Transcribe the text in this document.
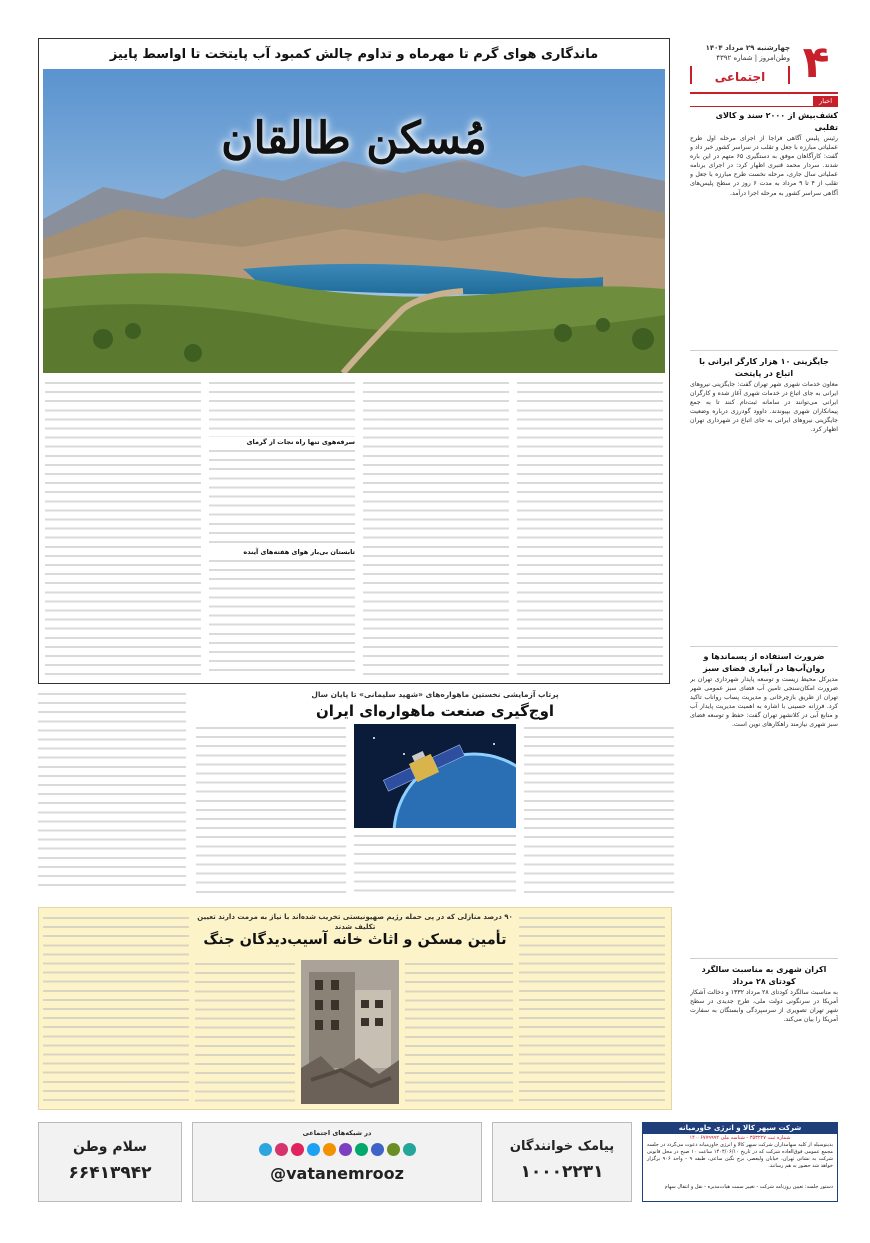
۴
چهارشنبه ۲۹ مرداد ۱۴۰۴
وطن‌امروز | شماره ۴۳۹۲
اجتماعی
اخبار
کشف‌بیش از ۲۰۰۰ سند و کالای تقلبی
رئیس پلیس آگاهی فراجا از اجرای مرحله اول طرح عملیاتی مبارزه با جعل و تقلب در سراسر کشور خبر داد و گفت: کارآگاهان موفق به دستگیری ۶۵ متهم در این باره شدند. سردار محمد قنبری اظهار کرد: در اجرای برنامه عملیاتی سال جاری، مرحله نخست طرح مبارزه با جعل و تقلب از ۴ تا ۹ مرداد به مدت ۶ روز در سطح پلیس‌های آگاهی سراسر کشور به مرحله اجرا درآمد.
جایگزینی ۱۰ هزار کارگر ایرانی با اتباع در پایتخت
معاون خدمات شهری شهر تهران گفت: جایگزینی نیروهای ایرانی به جای اتباع در خدمات شهری آغاز شده و کارگران ایرانی می‌توانند در سامانه ثبت‌نام کنند تا به جمع پیمانکاران شهری بپیوندند. داوود گودرزی درباره وضعیت جایگزینی نیروهای ایرانی به جای اتباع در شهرداری تهران اظهار کرد.
ضرورت استفاده از پسماندها و روان‌آب‌ها در آبیاری فضای سبز
مدیرکل محیط زیست و توسعه پایدار شهرداری تهران بر ضرورت امکان‌سنجی تامین آب فضای سبز عمومی شهر تهران از طریق بازچرخانی و مدیریت پساب رواناب تاکید کرد. فرزانه حسینی با اشاره به اهمیت مدیریت پایدار آب و منابع آبی در کلانشهر تهران گفت: حفظ و توسعه فضای سبز شهری نیازمند راهکارهای نوین است.
اکران شهری به مناسبت سالگرد کودتای ۲۸ مرداد
به مناسبت سالگرد کودتای ۲۸ مرداد ۱۳۳۲ و دخالت آشکار آمریکا در سرنگونی دولت ملی، طرح جدیدی در سطح شهر تهران تصویری از سرسپردگی وابستگان به سفارت آمریکا را بیان می‌کند.
ماندگاری هوای گرم تا مهرماه و تداوم چالش کمبود آب پایتخت تا اواسط پاییز
مُسکن طالقان
سرفه‌هوی تنها راه نجات از گرمای
تابستان بی‌بار هوای هفته‌های آینده
پرتاب آزمایشی نخستین ماهواره‌های «شهید سلیمانی» تا پایان سال
اوج‌گیری صنعت ماهواره‌ای ایران
۹۰ درصد منازلی که در پی حمله رژیم صهیونیستی تخریب شده‌اند با نیاز به مرمت دارند تعیین تکلیف شدند
تأمین مسکن و اثاث خانه آسیب‌دیدگان جنگ
شرکت سپهر کالا و انرژی خاورمیانه
شماره ثبت ۳۵۳۲۲۷ - شناسه ملی ۱۴۰۰۶۷۷۹۹۹۲
بدینوسیله از کلیه سهامداران شرکت سپهر کالا و انرژی خاورمیانه دعوت می‌گردد در جلسه مجمع عمومی فوق‌العاده شرکت که در تاریخ ۱۴۰۴/۰۶/۱۰ ساعت ۱۰ صبح در محل قانونی شرکت به نشانی تهران، خیابان ولیعصر، برج نگین ساعی، طبقه ۹ - واحد ۹۰۶ برگزار خواهد شد حضور به هم رسانند.
دستور جلسه: تعیین روزنامه شرکت - تغییر سمت هیات‌مدیره - نقل و انتقال سهام
پیامک خوانندگان
۱۰۰۰۲۲۳۱
در شبکه‌های اجتماعی
@vatanemrooz
سلام وطن
۶۶۴۱۳۹۴۲
